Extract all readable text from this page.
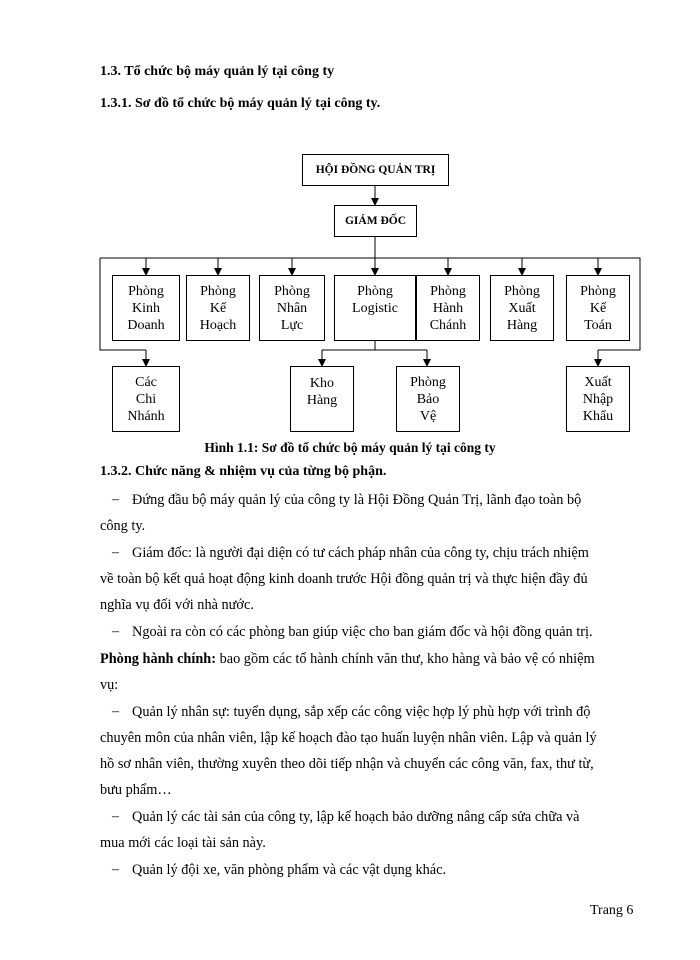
1.3. Tổ chức bộ máy quản lý tại công ty
1.3.1. Sơ đồ tổ chức bộ máy quản lý tại công ty.
HỘI ĐỒNG QUẢN TRỊ
GIÁM ĐỐC
Phòng
Kinh
Doanh
Phòng
Kế
Hoạch
Phòng
Nhân
Lực
Phòng
Logistic
Phòng
Hành
Chánh
Phòng
Xuất
Hàng
Phòng
Kế
Toán
Các
Chi
Nhánh
Kho
Hàng
Phòng
Bảo
Vệ
Xuất
Nhập
Khẩu
Hình 1.1: Sơ đồ tổ chức bộ máy quản lý tại công ty
1.3.2. Chức năng & nhiệm vụ của từng bộ phận.
– Đứng đầu bộ máy quản lý của công ty là Hội Đồng Quản Trị, lãnh đạo toàn bộ
công ty.
– Giám đốc: là người đại diện có tư cách pháp nhân của công ty, chịu trách nhiệm
về toàn bộ kết quả hoạt động kinh doanh trước Hội đồng quản trị và thực hiện đầy đủ
nghĩa vụ đối với nhà nước.
– Ngoài ra còn có các phòng ban giúp việc cho ban giám đốc và hội đồng quản trị.
Phòng hành chính: bao gồm các tổ hành chính văn thư, kho hàng và bảo vệ có nhiệm
vụ:
– Quản lý nhân sự: tuyển dụng, sắp xếp các công việc hợp lý phù hợp với trình độ
chuyên môn của nhân viên, lập kế hoạch đào tạo huấn luyện nhân viên. Lập và quản lý
hồ sơ nhân viên, thường xuyên theo dõi tiếp nhận và chuyển các công văn, fax, thư từ,
bưu phẩm…
– Quản lý các tài sản của công ty, lập kế hoạch bảo dưỡng nâng cấp sửa chữa và
mua mới các loại tài sản này.
– Quản lý đội xe, văn phòng phẩm và các vật dụng khác.
Trang 6
